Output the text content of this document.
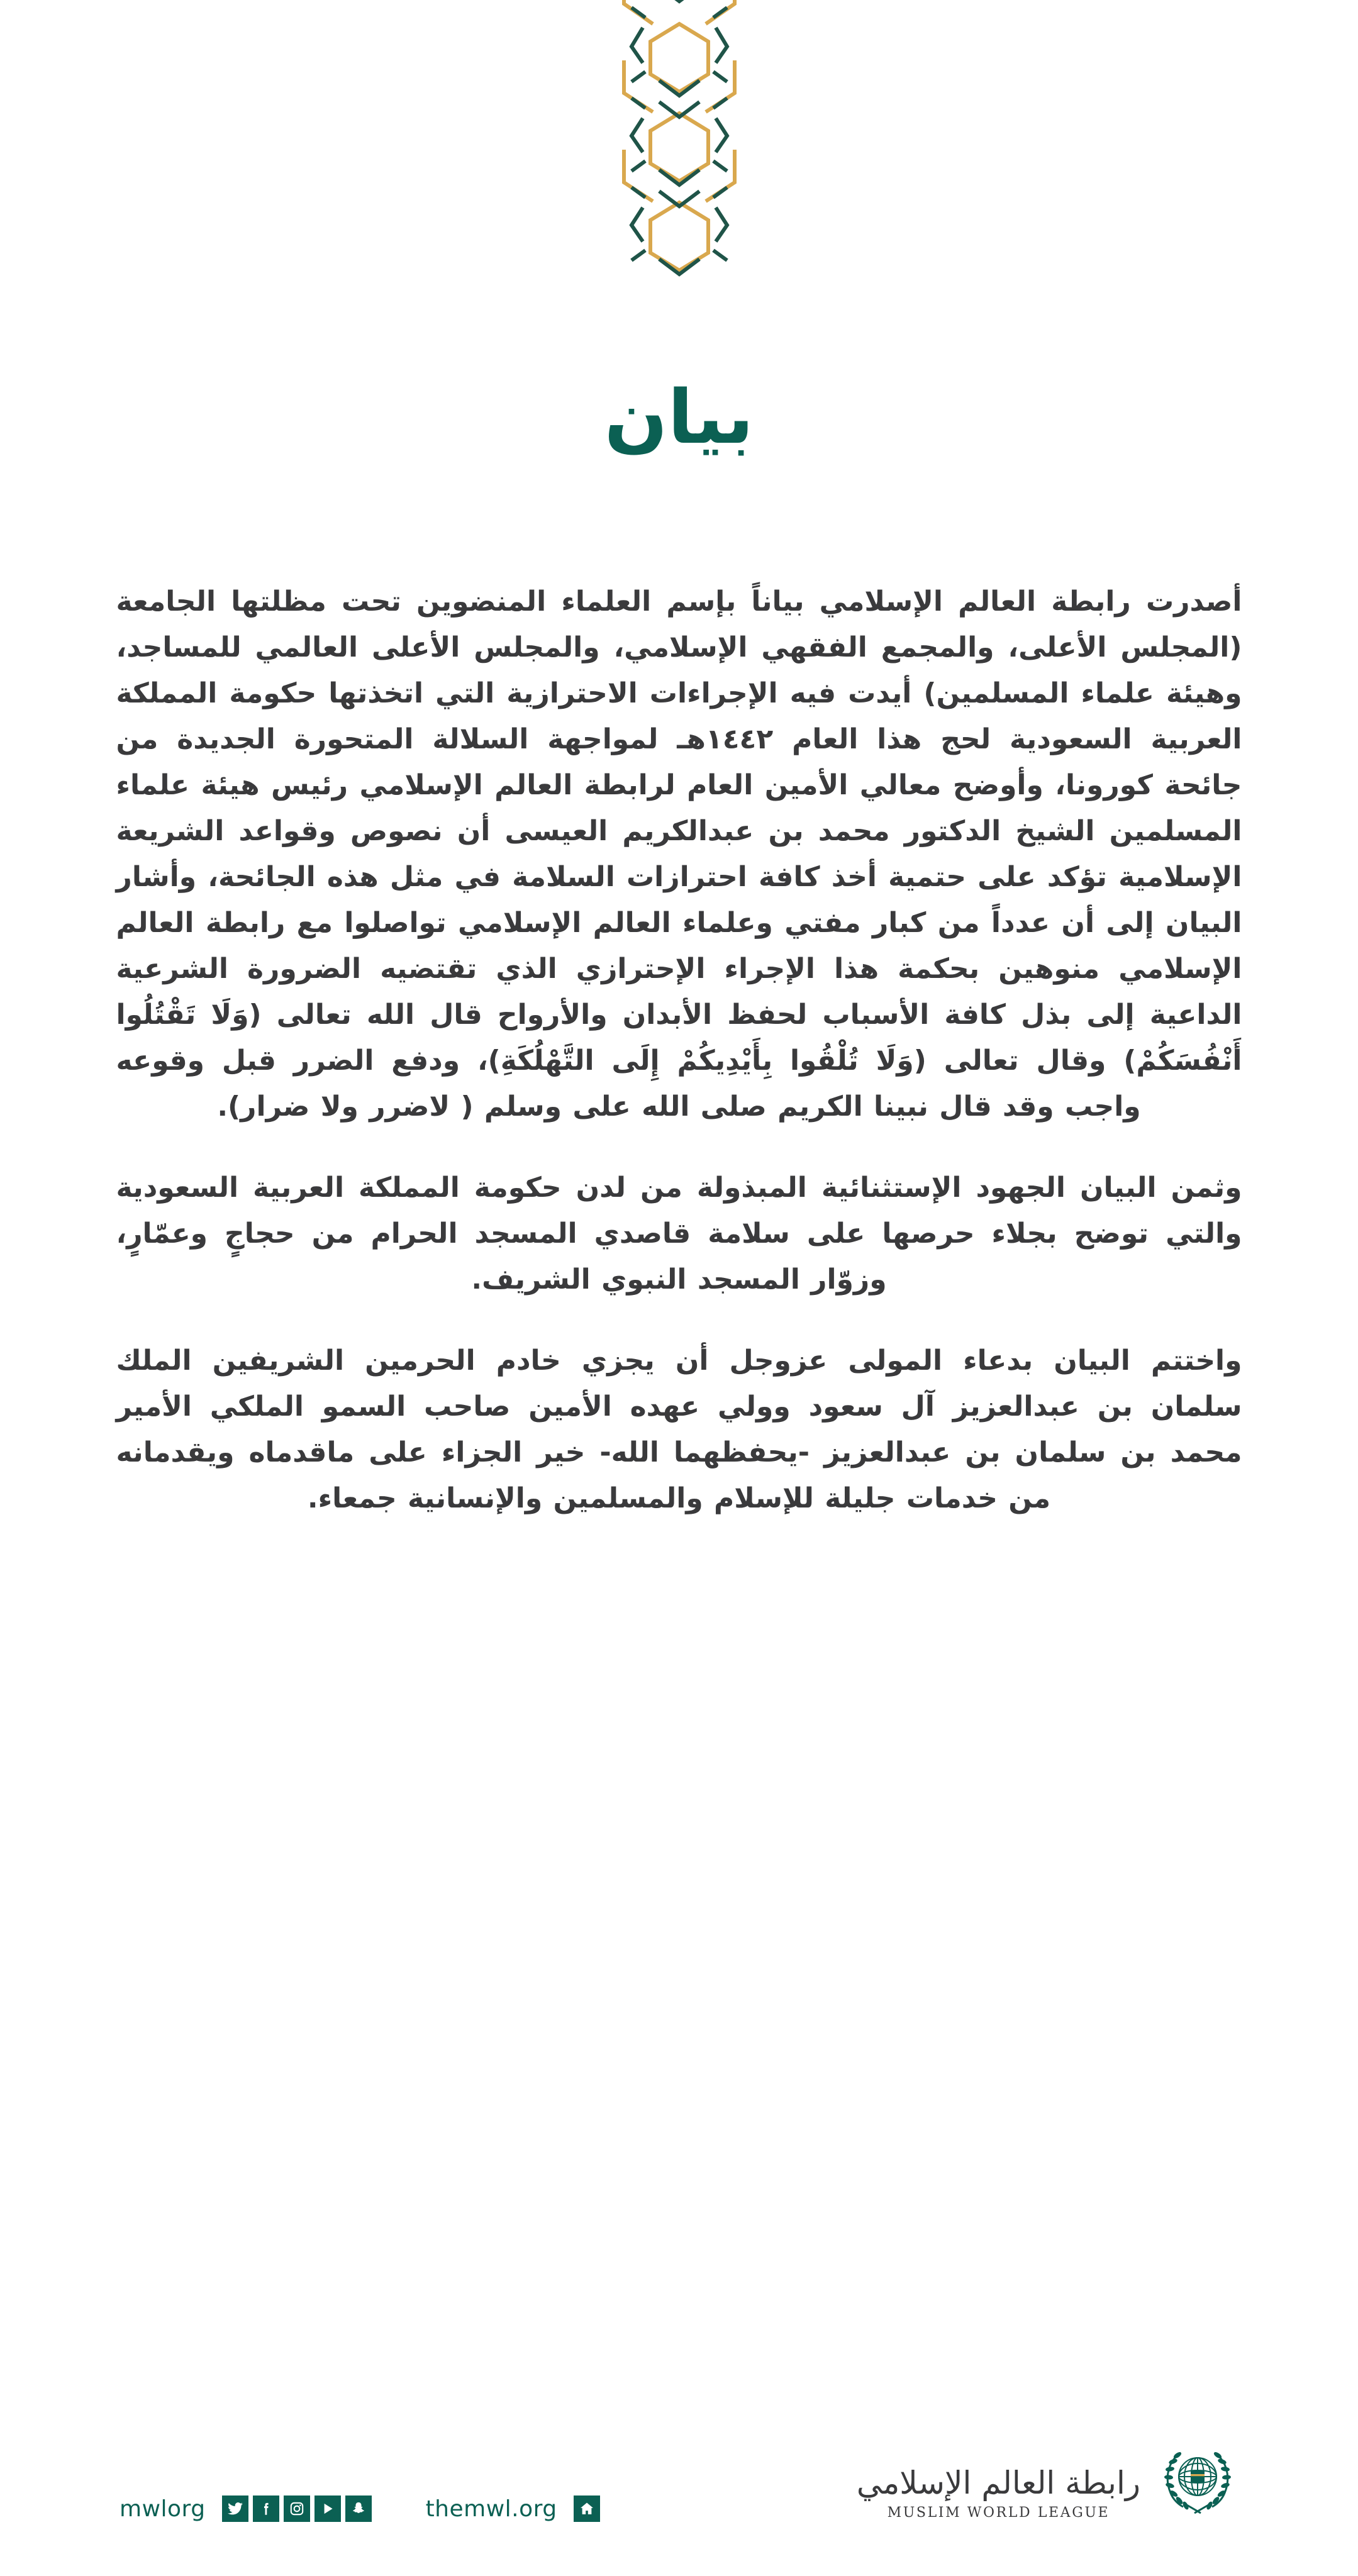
بيان

أصدرت رابطة العالم الإسلامي بياناً بإسم العلماء المنضوين تحت مظلتها الجامعة (المجلس الأعلى، والمجمع الفقهي الإسلامي، والمجلس الأعلى العالمي للمساجد، وهيئة علماء المسلمين) أيدت فيه الإجراءات الاحترازية التي اتخذتها حكومة المملكة العربية السعودية لحج هذا العام ١٤٤٢هـ لمواجهة السلالة المتحورة الجديدة من جائحة كورونا، وأوضح معالي الأمين العام لرابطة العالم الإسلامي رئيس هيئة علماء المسلمين الشيخ الدكتور محمد بن عبدالكريم العيسى أن نصوص وقواعد الشريعة الإسلامية تؤكد على حتمية أخذ كافة احترازات السلامة في مثل هذه الجائحة، وأشار البيان إلى أن عدداً من كبار مفتي وعلماء العالم الإسلامي تواصلوا مع رابطة العالم الإسلامي منوهين بحكمة هذا الإجراء الإحترازي الذي تقتضيه الضرورة الشرعية الداعية إلى بذل كافة الأسباب لحفظ الأبدان والأرواح قال الله تعالى (وَلَا تَقْتُلُوا أَنْفُسَكُمْ) وقال تعالى (وَلَا تُلْقُوا بِأَيْدِيكُمْ إِلَى التَّهْلُكَةِ)، ودفع الضرر قبل وقوعه واجب وقد قال نبينا الكريم صلى الله على وسلم ( لاضرر ولا ضرار).

وثمن البيان الجهود الإستثنائية المبذولة من لدن حكومة المملكة العربية السعودية والتي توضح بجلاء حرصها على سلامة قاصدي المسجد الحرام من حجاجٍ وعمّارٍ، وزوّار المسجد النبوي الشريف.

واختتم البيان بدعاء المولى عزوجل أن يجزي خادم الحرمين الشريفين الملك سلمان بن عبدالعزيز آل سعود وولي عهده الأمين صاحب السمو الملكي الأمير محمد بن سلمان بن عبدالعزيز -يحفظهما الله- خير الجزاء على ماقدماه ويقدمانه من خدمات جليلة للإسلام والمسلمين والإنسانية جمعاء.

mwlorg	themwl.org
رابطة العالم الإسلامي
MUSLIM WORLD LEAGUE
